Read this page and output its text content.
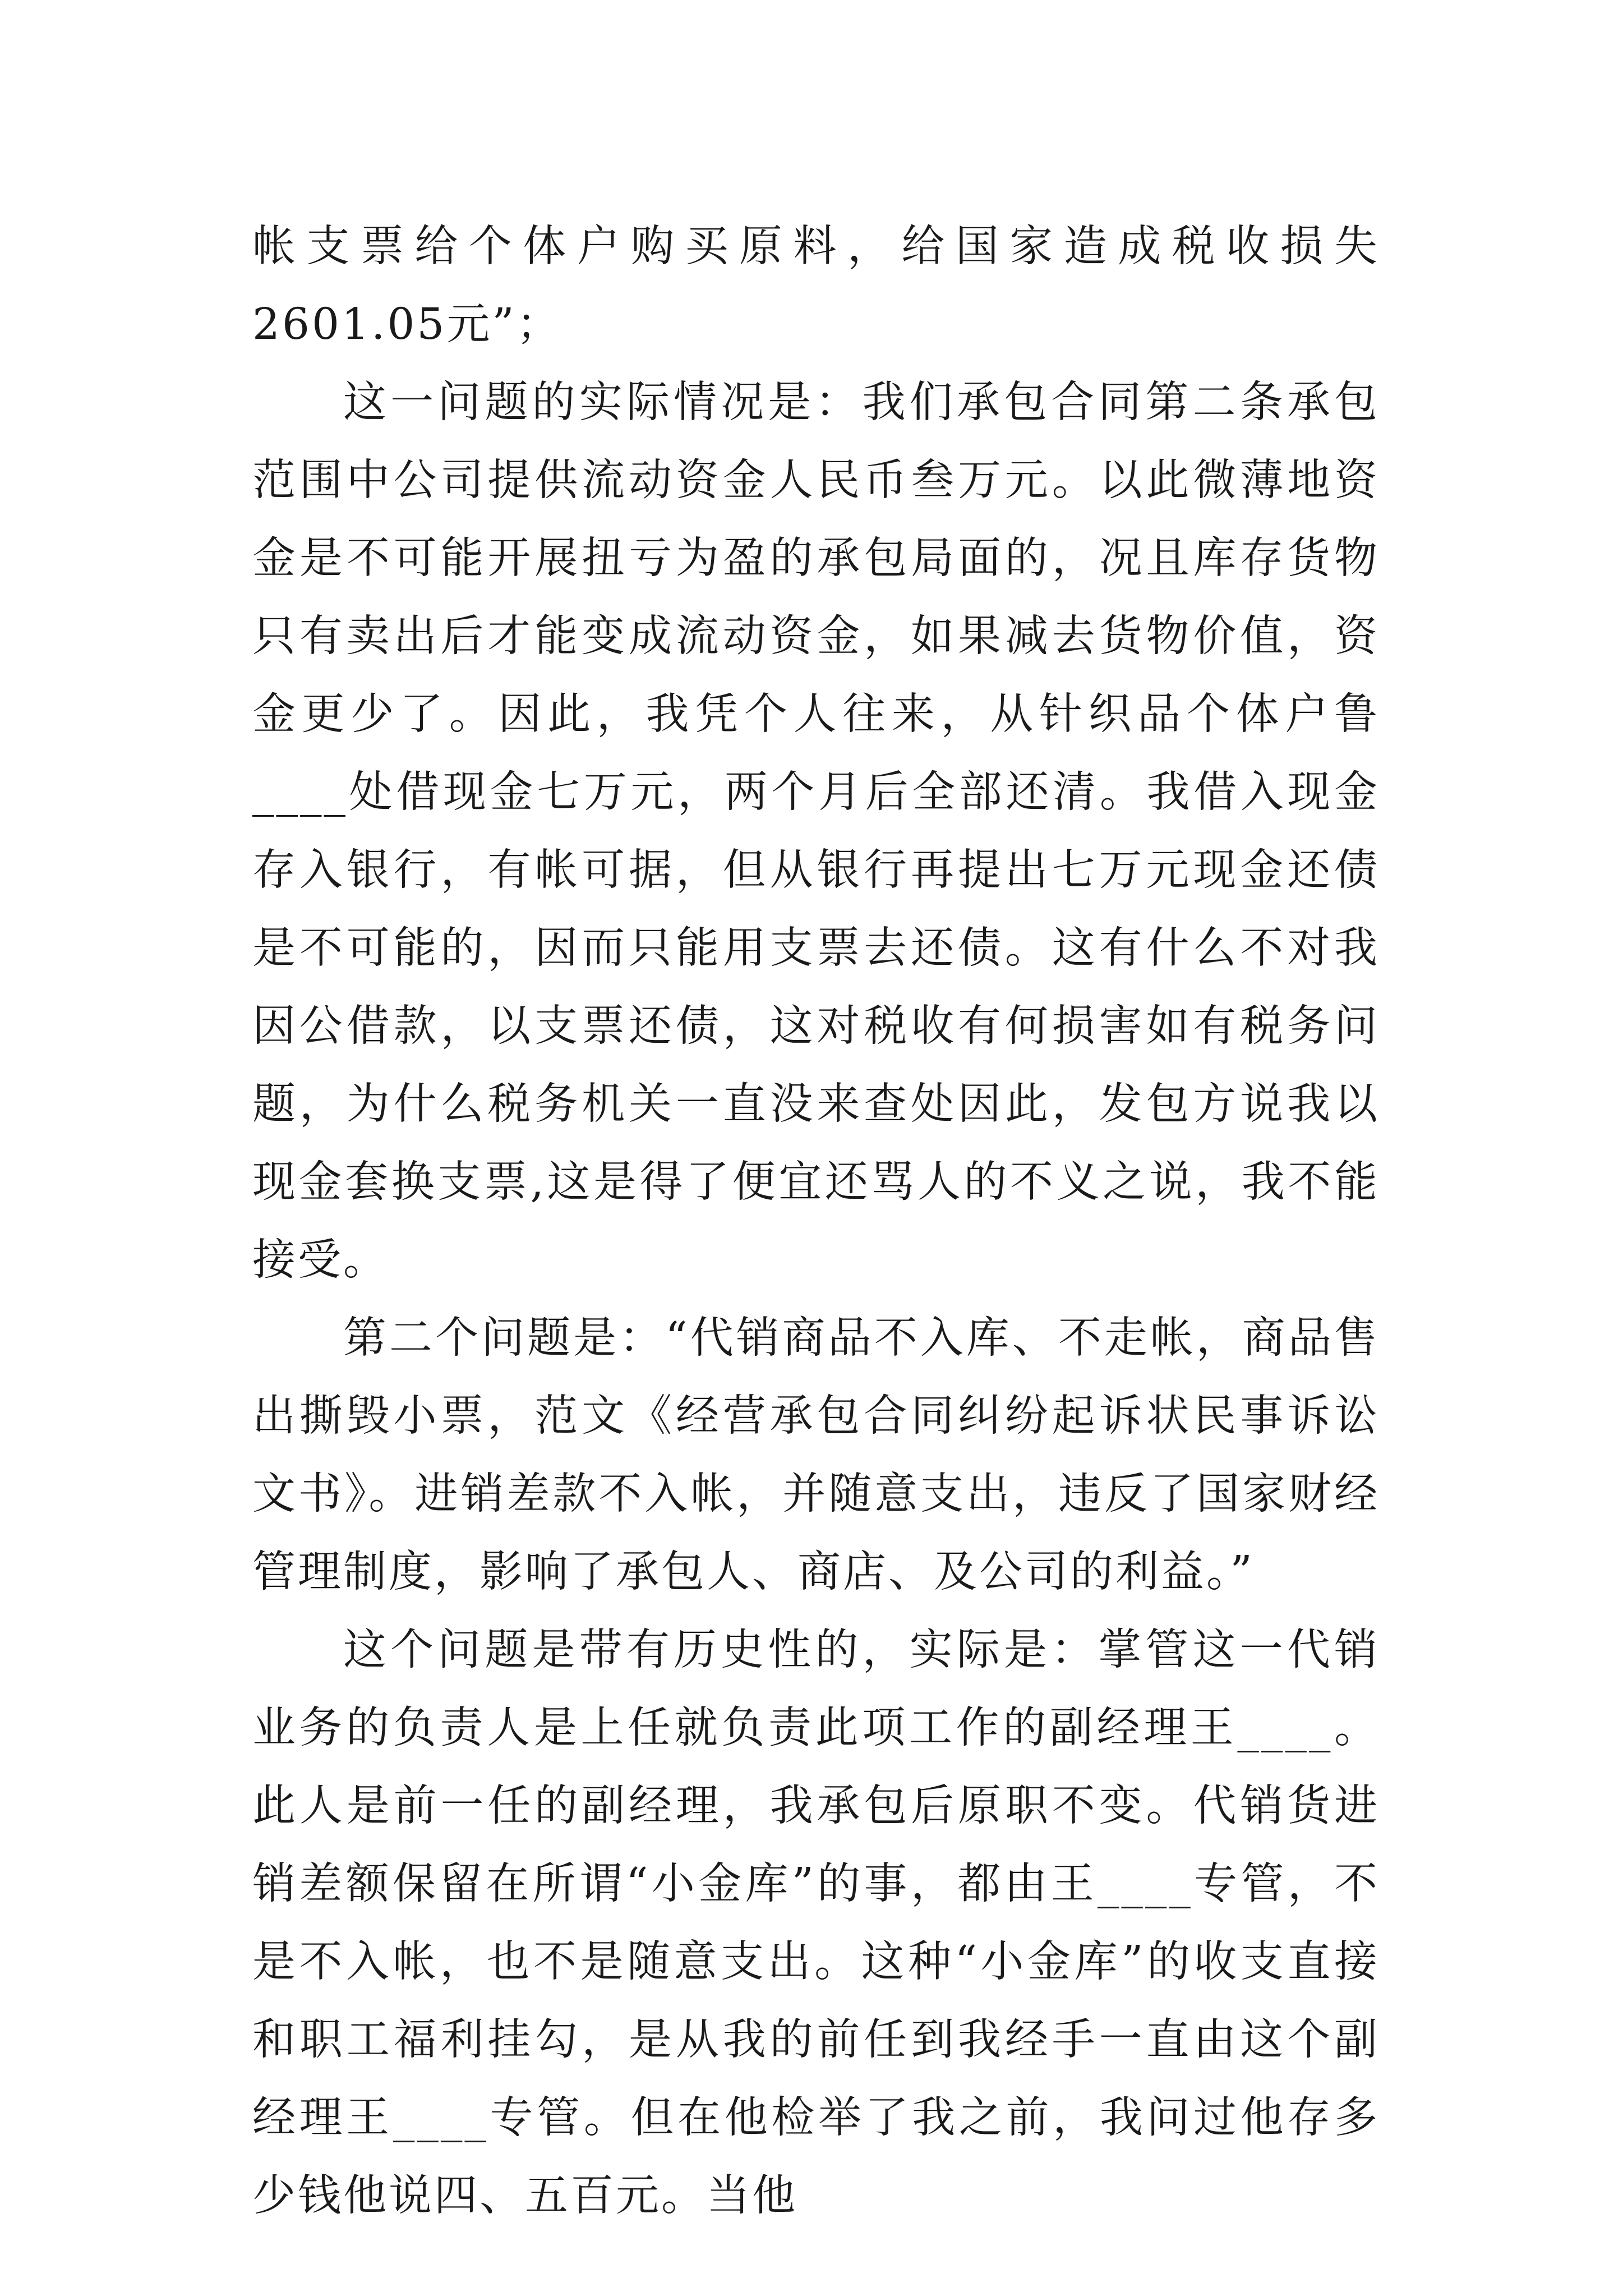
帐支票给个体户购买原料，给国家造成税收损失2601.05元”；

这一问题的实际情况是：我们承包合同第二条承包范围中公司提供流动资金人民币叁万元。以此微薄地资金是不可能开展扭亏为盈的承包局面的，况且库存货物只有卖出后才能变成流动资金，如果减去货物价值，资金更少了。因此，我凭个人往来，从针织品个体户鲁____处借现金七万元，两个月后全部还清。我借入现金存入银行，有帐可据，但从银行再提出七万元现金还债是不可能的，因而只能用支票去还债。这有什么不对我因公借款，以支票还债，这对税收有何损害如有税务问题，为什么税务机关一直没来查处因此，发包方说我以现金套换支票,这是得了便宜还骂人的不义之说，我不能接受。

第二个问题是：“代销商品不入库、不走帐，商品售出撕毁小票，范文《经营承包合同纠纷起诉状民事诉讼文书》。进销差款不入帐，并随意支出，违反了国家财经管理制度，影响了承包人、商店、及公司的利益。”

这个问题是带有历史性的，实际是：掌管这一代销业务的负责人是上任就负责此项工作的副经理王____。此人是前一任的副经理，我承包后原职不变。代销货进销差额保留在所谓“小金库”的事，都由王____专管，不是不入帐，也不是随意支出。这种“小金库”的收支直接和职工福利挂勾，是从我的前任到我经手一直由这个副经理王____专管。但在他检举了我之前，我问过他存多少钱他说四、五百元。当他
